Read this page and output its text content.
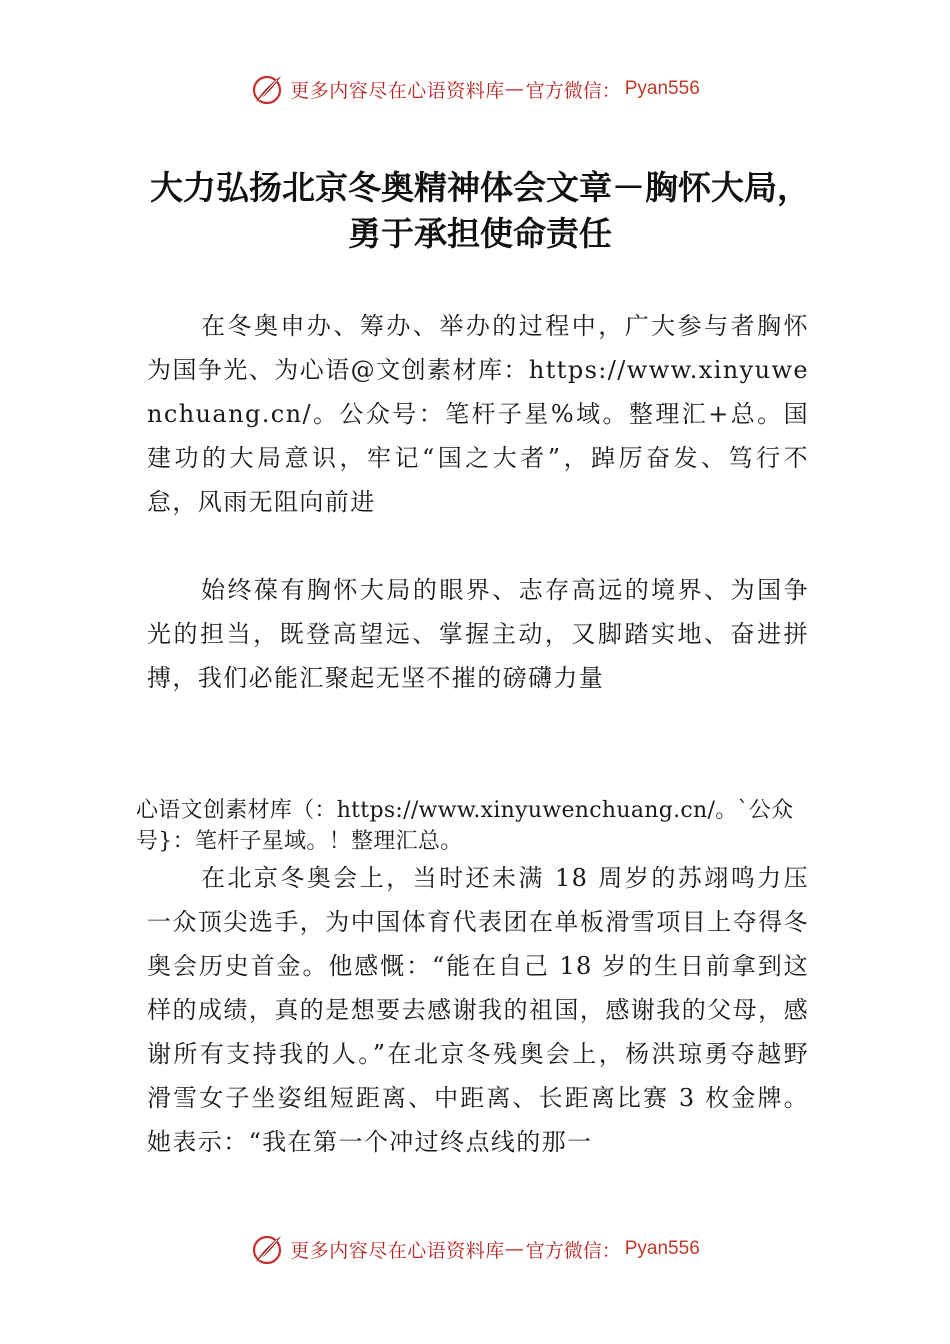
更多内容尽在心语资料库 — 官方微信： Pyan556
大力弘扬北京冬奥精神体会文章－胸怀大局，勇于承担使命责任
在冬奥申办、筹办、举办的过程中，广大参与者胸怀为国争光、为心语@文创素材库：https://www.xinyuwenchuang.cn/。公众号：笔杆子星%域。整理汇+总。国建功的大局意识，牢记“国之大者”，踔厉奋发、笃行不怠，风雨无阻向前进
始终葆有胸怀大局的眼界、志存高远的境界、为国争光的担当，既登高望远、掌握主动，又脚踏实地、奋进拼搏，我们必能汇聚起无坚不摧的磅礴力量
心语文创素材库（：https://www.xinyuwenchuang.cn/。`公众号}：笔杆子星域。！整理汇总。
在北京冬奥会上，当时还未满 18 周岁的苏翊鸣力压一众顶尖选手，为中国体育代表团在单板滑雪项目上夺得冬奥会历史首金。他感慨：“能在自己 18 岁的生日前拿到这样的成绩，真的是想要去感谢我的祖国，感谢我的父母，感谢所有支持我的人。”在北京冬残奥会上，杨洪琼勇夺越野滑雪女子坐姿组短距离、中距离、长距离比赛 3 枚金牌。她表示：“我在第一个冲过终点线的那一
更多内容尽在心语资料库 — 官方微信： Pyan556
